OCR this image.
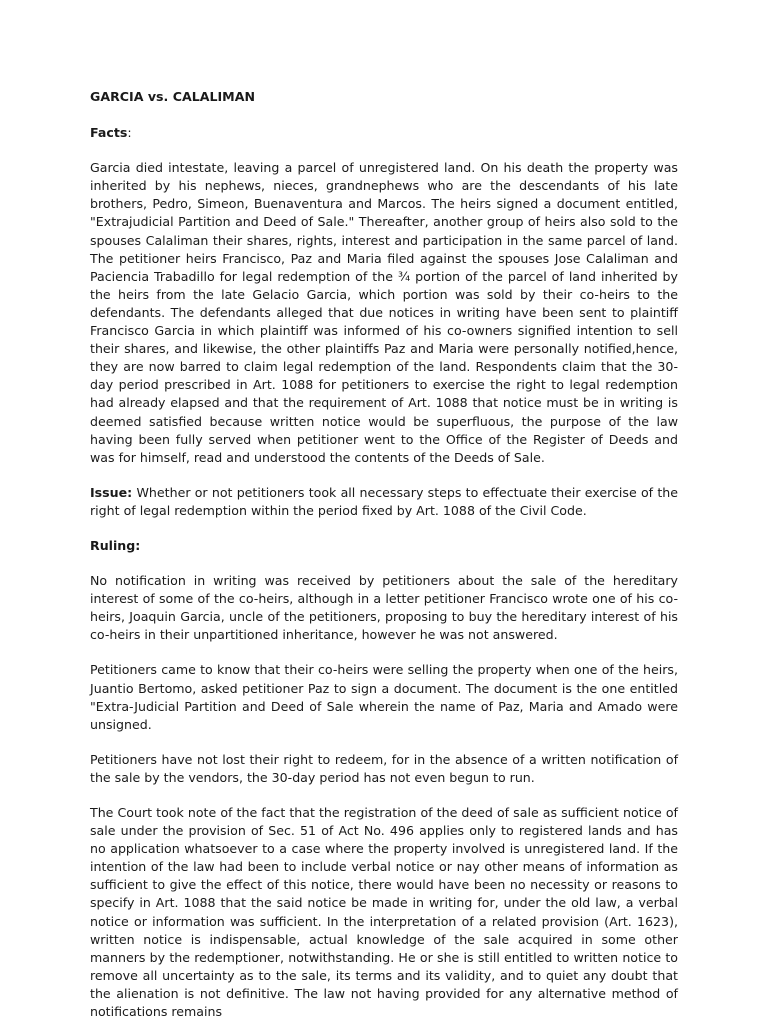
GARCIA vs. CALALIMAN
Facts:

Garcia died intestate, leaving a parcel of unregistered land. On his death the property was inherited by his nephews, nieces, grandnephews who are the descendants of his late brothers, Pedro, Simeon, Buenaventura and Marcos. The heirs signed a document entitled, "Extrajudicial Partition and Deed of Sale." Thereafter, another group of heirs also sold to the spouses Calaliman their shares, rights, interest and participation in the same parcel of land. The petitioner heirs Francisco, Paz and Maria filed against the spouses Jose Calaliman and Paciencia Trabadillo for legal redemption of the ¾ portion of the parcel of land inherited by the heirs from the late Gelacio Garcia, which portion was sold by their co-heirs to the defendants. The defendants alleged that due notices in writing have been sent to plaintiff Francisco Garcia in which plaintiff was informed of his co-owners signified intention to sell their shares, and likewise, the other plaintiffs Paz and Maria were personally notified,hence, they are now barred to claim legal redemption of the land. Respondents claim that the 30-day period prescribed in Art. 1088 for petitioners to exercise the right to legal redemption had already elapsed and that the requirement of Art. 1088 that notice must be in writing is deemed satisfied because written notice would be superfluous, the purpose of the law having been fully served when petitioner went to the Office of the Register of Deeds and was for himself, read and understood the contents of the Deeds of Sale.

Issue: Whether or not petitioners took all necessary steps to effectuate their exercise of the right of legal redemption within the period fixed by Art. 1088 of the Civil Code.

Ruling:

No notification in writing was received by petitioners about the sale of the hereditary interest of some of the co-heirs, although in a letter petitioner Francisco wrote one of his co-heirs, Joaquin Garcia, uncle of the petitioners, proposing to buy the hereditary interest of his co-heirs in their unpartitioned inheritance, however he was not answered.

Petitioners came to know that their co-heirs were selling the property when one of the heirs, Juantio Bertomo, asked petitioner Paz to sign a document. The document is the one entitled "Extra-Judicial Partition and Deed of Sale wherein the name of Paz, Maria and Amado were unsigned.

Petitioners have not lost their right to redeem, for in the absence of a written notification of the sale by the vendors, the 30-day period has not even begun to run.

The Court took note of the fact that the registration of the deed of sale as sufficient notice of sale under the provision of Sec. 51 of Act No. 496 applies only to registered lands and has no application whatsoever to a case where the property involved is unregistered land. If the intention of the law had been to include verbal notice or nay other means of information as sufficient to give the effect of this notice, there would have been no necessity or reasons to specify in Art. 1088 that the said notice be made in writing for, under the old law, a verbal notice or information was sufficient. In the interpretation of a related provision (Art. 1623), written notice is indispensable, actual knowledge of the sale acquired in some other manners by the redemptioner, notwithstanding. He or she is still entitled to written notice to remove all uncertainty as to the sale, its terms and its validity, and to quiet any doubt that the alienation is not definitive. The law not having provided for any alternative method of notifications remains
